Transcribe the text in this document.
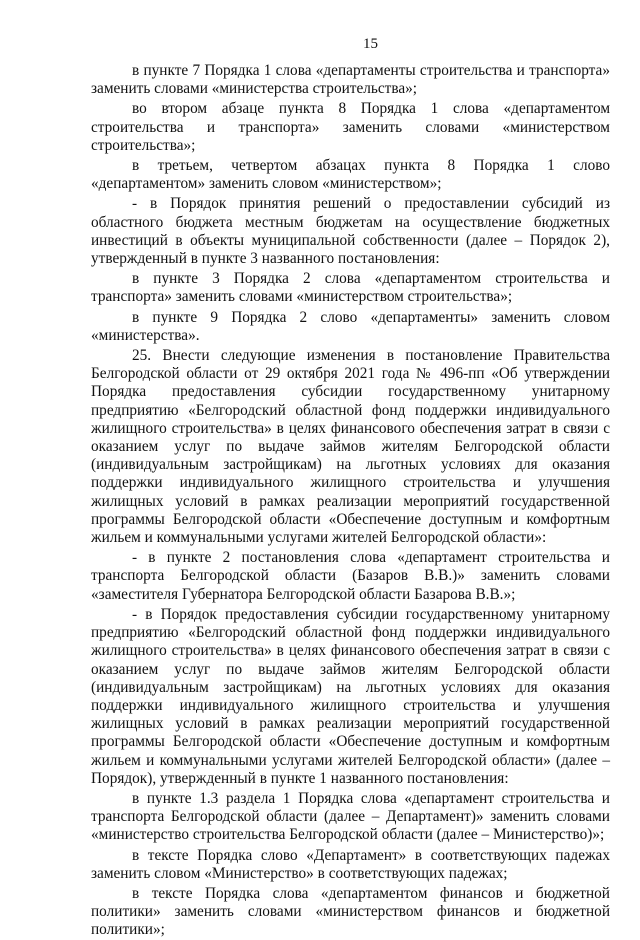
15

в пункте 7 Порядка 1 слова «департаменты строительства и транспорта» заменить словами «министерства строительства»;

во втором абзаце пункта 8 Порядка 1 слова «департаментом строительства и транспорта» заменить словами «министерством строительства»;

в третьем, четвертом абзацах пункта 8 Порядка 1 слово «департаментом» заменить словом «министерством»;

- в Порядок принятия решений о предоставлении субсидий из областного бюджета местным бюджетам на осуществление бюджетных инвестиций в объекты муниципальной собственности (далее – Порядок 2), утвержденный в пункте 3 названного постановления:

в пункте 3 Порядка 2 слова «департаментом строительства и транспорта» заменить словами «министерством строительства»;

в пункте 9 Порядка 2 слово «департаменты» заменить словом «министерства».

25. Внести следующие изменения в постановление Правительства Белгородской области от 29 октября 2021 года № 496-пп «Об утверждении Порядка предоставления субсидии государственному унитарному предприятию «Белгородский областной фонд поддержки индивидуального жилищного строительства» в целях финансового обеспечения затрат в связи с оказанием услуг по выдаче займов жителям Белгородской области (индивидуальным застройщикам) на льготных условиях для оказания поддержки индивидуального жилищного строительства и улучшения жилищных условий в рамках реализации мероприятий государственной программы Белгородской области «Обеспечение доступным и комфортным жильем и коммунальными услугами жителей Белгородской области»:

- в пункте 2 постановления слова «департамент строительства и транспорта Белгородской области (Базаров В.В.)» заменить словами «заместителя Губернатора Белгородской области Базарова В.В.»;

- в Порядок предоставления субсидии государственному унитарному предприятию «Белгородский областной фонд поддержки индивидуального жилищного строительства» в целях финансового обеспечения затрат в связи с оказанием услуг по выдаче займов жителям Белгородской области (индивидуальным застройщикам) на льготных условиях для оказания поддержки индивидуального жилищного строительства и улучшения жилищных условий в рамках реализации мероприятий государственной программы Белгородской области «Обеспечение доступным и комфортным жильем и коммунальными услугами жителей Белгородской области» (далее – Порядок), утвержденный в пункте 1 названного постановления:

в пункте 1.3 раздела 1 Порядка слова «департамент строительства и транспорта Белгородской области (далее – Департамент)» заменить словами «министерство строительства Белгородской области (далее – Министерство)»;

в тексте Порядка слово «Департамент» в соответствующих падежах заменить словом «Министерство» в соответствующих падежах;

в тексте Порядка слова «департаментом финансов и бюджетной политики» заменить словами «министерством финансов и бюджетной политики»;
